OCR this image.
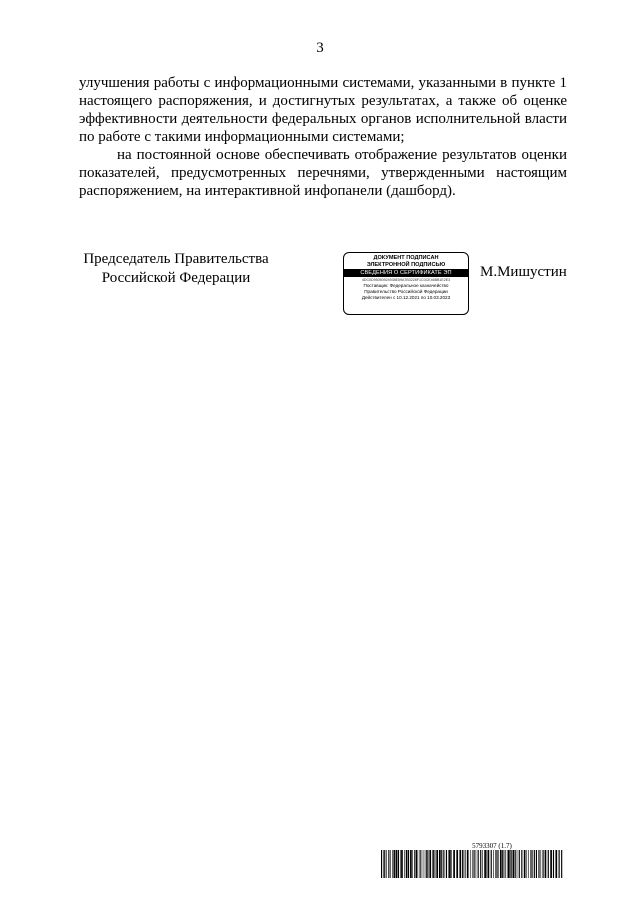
3

улучшения работы с информационными системами, указанными в пункте 1 настоящего распоряжения, и достигнутых результатах, а также об оценке эффективности деятельности федеральных органов исполнительной власти по работе с такими информационными системами;

на постоянной основе обеспечивать отображение результатов оценки показателей, предусмотренных перечнями, утвержденными настоящим распоряжением, на интерактивной инфопанели (дашборд).

Председатель Правительства
Российской Федерации
ДОКУМЕНТ ПОДПИСАН
ЭЛЕКТРОННОЙ ПОДПИСЬЮ
СВЕДЕНИЯ О СЕРТИФИКАТЕ ЭП
4DC0D95050924938E59A7B3228F1C0CE46BB1E2E3
Поставщик: Федеральное казначейство
Правительство Российской Федерации
Действителен с 10.12.2021 по 10.03.2023
М.Мишустин
5793307 (1.7)
